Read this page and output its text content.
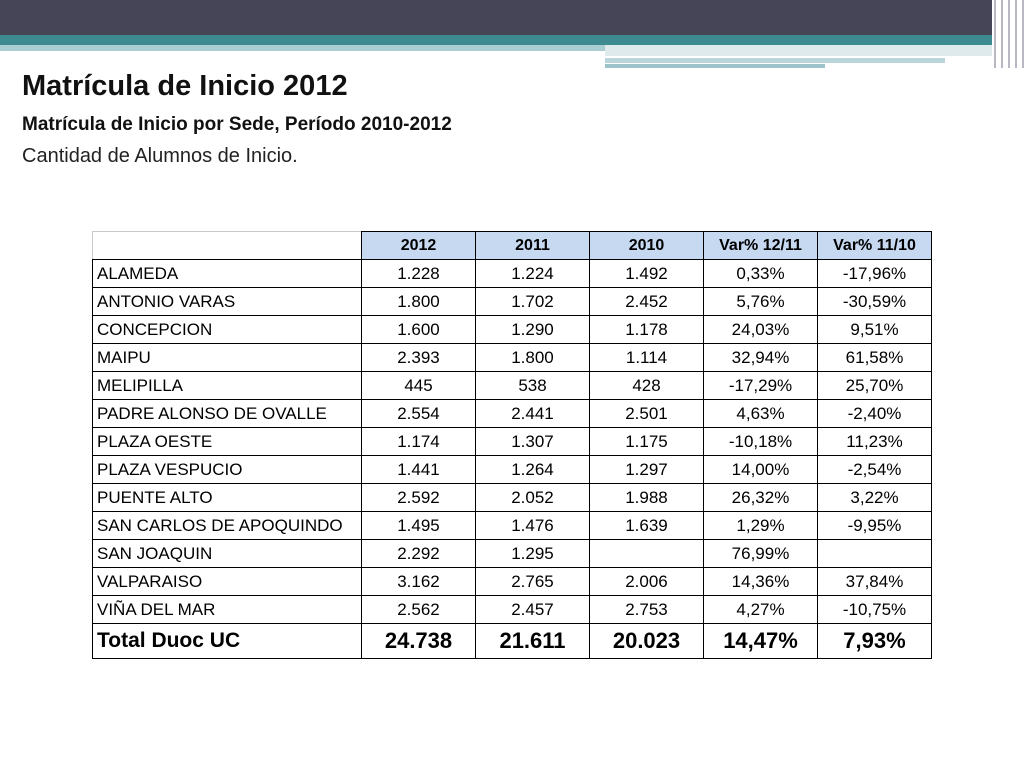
Matrícula de Inicio 2012
Matrícula de Inicio por Sede, Período 2010-2012
Cantidad de Alumnos de Inicio.
	2012	2011	2010	Var% 12/11	Var% 11/10
ALAMEDA	1.228	1.224	1.492	0,33%	-17,96%
ANTONIO VARAS	1.800	1.702	2.452	5,76%	-30,59%
CONCEPCION	1.600	1.290	1.178	24,03%	9,51%
MAIPU	2.393	1.800	1.114	32,94%	61,58%
MELIPILLA	445	538	428	-17,29%	25,70%
PADRE ALONSO DE OVALLE	2.554	2.441	2.501	4,63%	-2,40%
PLAZA OESTE	1.174	1.307	1.175	-10,18%	11,23%
PLAZA VESPUCIO	1.441	1.264	1.297	14,00%	-2,54%
PUENTE ALTO	2.592	2.052	1.988	26,32%	3,22%
SAN CARLOS DE APOQUINDO	1.495	1.476	1.639	1,29%	-9,95%
SAN JOAQUIN	2.292	1.295		76,99%	
VALPARAISO	3.162	2.765	2.006	14,36%	37,84%
VIÑA DEL MAR	2.562	2.457	2.753	4,27%	-10,75%
Total Duoc UC	24.738	21.611	20.023	14,47%	7,93%
